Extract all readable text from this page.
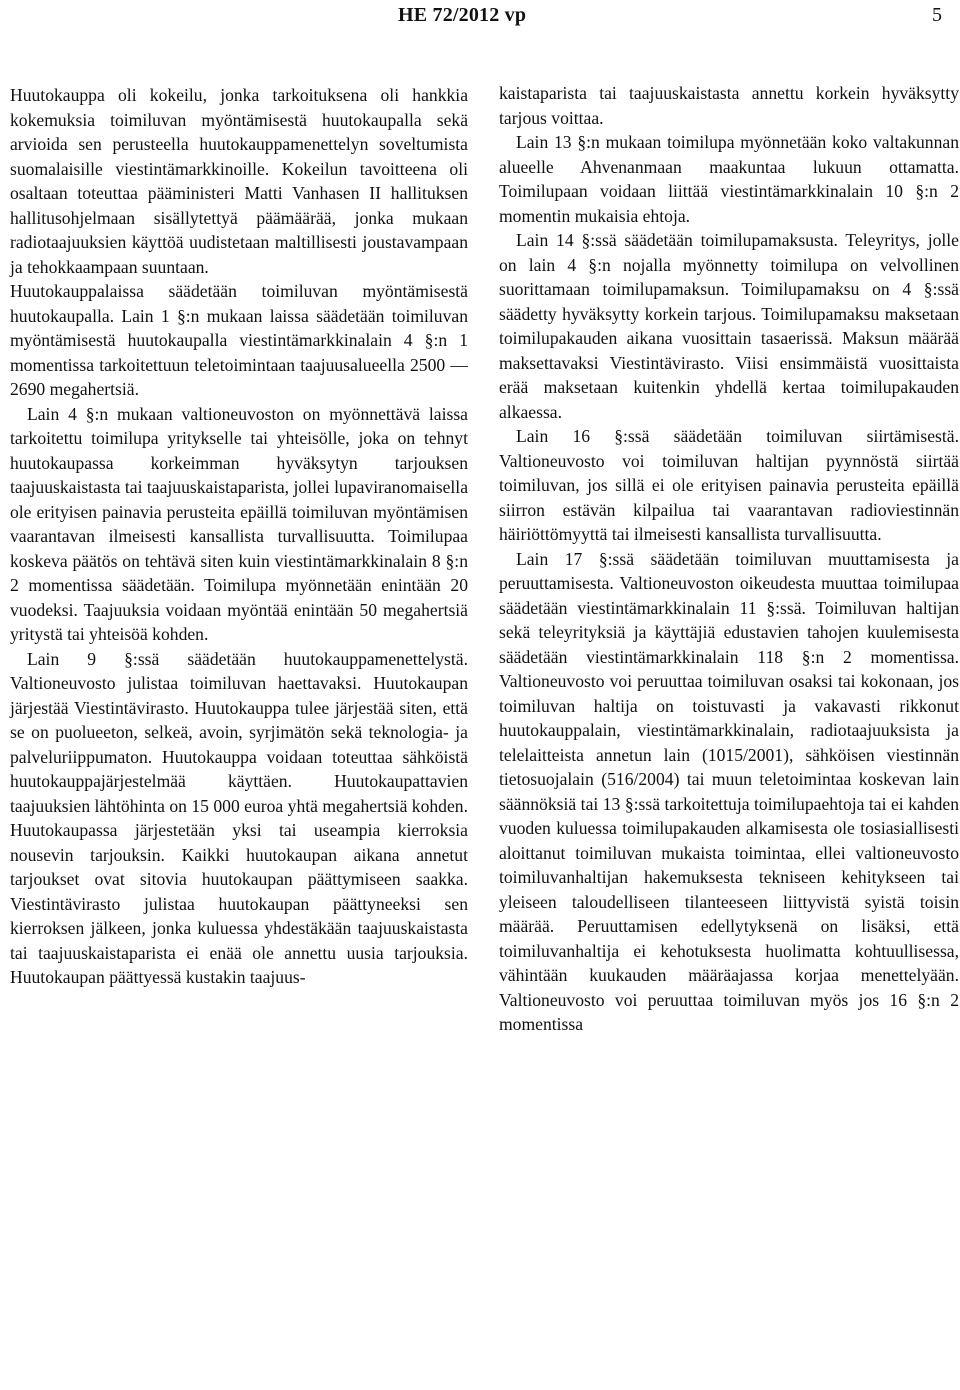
HE 72/2012 vp	5

Huutokauppa oli kokeilu, jonka tarkoituksena oli hankkia kokemuksia toimiluvan myöntämisestä huutokaupalla sekä arvioida sen perusteella huutokauppamenettelyn soveltumista suomalaisille viestintämarkkinoille. Kokeilun tavoitteena oli osaltaan toteuttaa pääministeri Matti Vanhasen II hallituksen hallitusohjelmaan sisällytettyä päämäärää, jonka mukaan radiotaajuuksien käyttöä uudistetaan maltillisesti joustavampaan ja tehokkaampaan suuntaan.

Huutokauppalaissa säädetään toimiluvan myöntämisestä huutokaupalla. Lain 1 §:n mukaan laissa säädetään toimiluvan myöntämisestä huutokaupalla viestintämarkkinalain 4 §:n 1 momentissa tarkoitettuun teletoimintaan taajuusalueella 2500 — 2690 megahertsiä.

Lain 4 §:n mukaan valtioneuvoston on myönnettävä laissa tarkoitettu toimilupa yritykselle tai yhteisölle, joka on tehnyt huutokaupassa korkeimman hyväksytyn tarjouksen taajuuskaistasta tai taajuuskaistaparista, jollei lupaviranomaisella ole erityisen painavia perusteita epäillä toimiluvan myöntämisen vaarantavan ilmeisesti kansallista turvallisuutta. Toimilupaa koskeva päätös on tehtävä siten kuin viestintämarkkinalain 8 §:n 2 momentissa säädetään. Toimilupa myönnetään enintään 20 vuodeksi. Taajuuksia voidaan myöntää enintään 50 megahertsiä yritystä tai yhteisöä kohden.

Lain 9 §:ssä säädetään huutokauppamenettelystä. Valtioneuvosto julistaa toimiluvan haettavaksi. Huutokaupan järjestää Viestintävirasto. Huutokauppa tulee järjestää siten, että se on puolueeton, selkeä, avoin, syrjimätön sekä teknologia- ja palveluriippumaton. Huutokauppa voidaan toteuttaa sähköistä huutokauppajärjestelmää käyttäen. Huutokaupattavien taajuuksien lähtöhinta on 15 000 euroa yhtä megahertsiä kohden. Huutokaupassa järjestetään yksi tai useampia kierroksia nousevin tarjouksin. Kaikki huutokaupan aikana annetut tarjoukset ovat sitovia huutokaupan päättymiseen saakka. Viestintävirasto julistaa huutokaupan päättyneeksi sen kierroksen jälkeen, jonka kuluessa yhdestäkään taajuuskaistasta tai taajuuskaistaparista ei enää ole annettu uusia tarjouksia. Huutokaupan päättyessä kustakin taajuus-

kaistaparista tai taajuuskaistasta annettu korkein hyväksytty tarjous voittaa.

Lain 13 §:n mukaan toimilupa myönnetään koko valtakunnan alueelle Ahvenanmaan maakuntaa lukuun ottamatta. Toimilupaan voidaan liittää viestintämarkkinalain 10 §:n 2 momentin mukaisia ehtoja.

Lain 14 §:ssä säädetään toimilupamaksusta. Teleyritys, jolle on lain 4 §:n nojalla myönnetty toimilupa on velvollinen suorittamaan toimilupamaksun. Toimilupamaksu on 4 §:ssä säädetty hyväksytty korkein tarjous. Toimilupamaksu maksetaan toimilupakauden aikana vuosittain tasaerissä. Maksun määrää maksettavaksi Viestintävirasto. Viisi ensimmäistä vuosittaista erää maksetaan kuitenkin yhdellä kertaa toimilupakauden alkaessa.

Lain 16 §:ssä säädetään toimiluvan siirtämisestä. Valtioneuvosto voi toimiluvan haltijan pyynnöstä siirtää toimiluvan, jos sillä ei ole erityisen painavia perusteita epäillä siirron estävän kilpailua tai vaarantavan radioviestinnän häiriöttömyyttä tai ilmeisesti kansallista turvallisuutta.

Lain 17 §:ssä säädetään toimiluvan muuttamisesta ja peruuttamisesta. Valtioneuvoston oikeudesta muuttaa toimilupaa säädetään viestintämarkkinalain 11 §:ssä. Toimiluvan haltijan sekä teleyrityksiä ja käyttäjiä edustavien tahojen kuulemisesta säädetään viestintämarkkinalain 118 §:n 2 momentissa. Valtioneuvosto voi peruuttaa toimiluvan osaksi tai kokonaan, jos toimiluvan haltija on toistuvasti ja vakavasti rikkonut huutokauppalain, viestintämarkkinalain, radiotaajuuksista ja telelaitteista annetun lain (1015/2001), sähköisen viestinnän tietosuojalain (516/2004) tai muun teletoimintaa koskevan lain säännöksiä tai 13 §:ssä tarkoitettuja toimilupaehtoja tai ei kahden vuoden kuluessa toimilupakauden alkamisesta ole tosiasiallisesti aloittanut toimiluvan mukaista toimintaa, ellei valtioneuvosto toimiluvanhaltijan hakemuksesta tekniseen kehitykseen tai yleiseen taloudelliseen tilanteeseen liittyvistä syistä toisin määrää. Peruuttamisen edellytyksenä on lisäksi, että toimiluvanhaltija ei kehotuksesta huolimatta kohtuullisessa, vähintään kuukauden määräajassa korjaa menettelyään. Valtioneuvosto voi peruuttaa toimiluvan myös jos 16 §:n 2 momentissa
